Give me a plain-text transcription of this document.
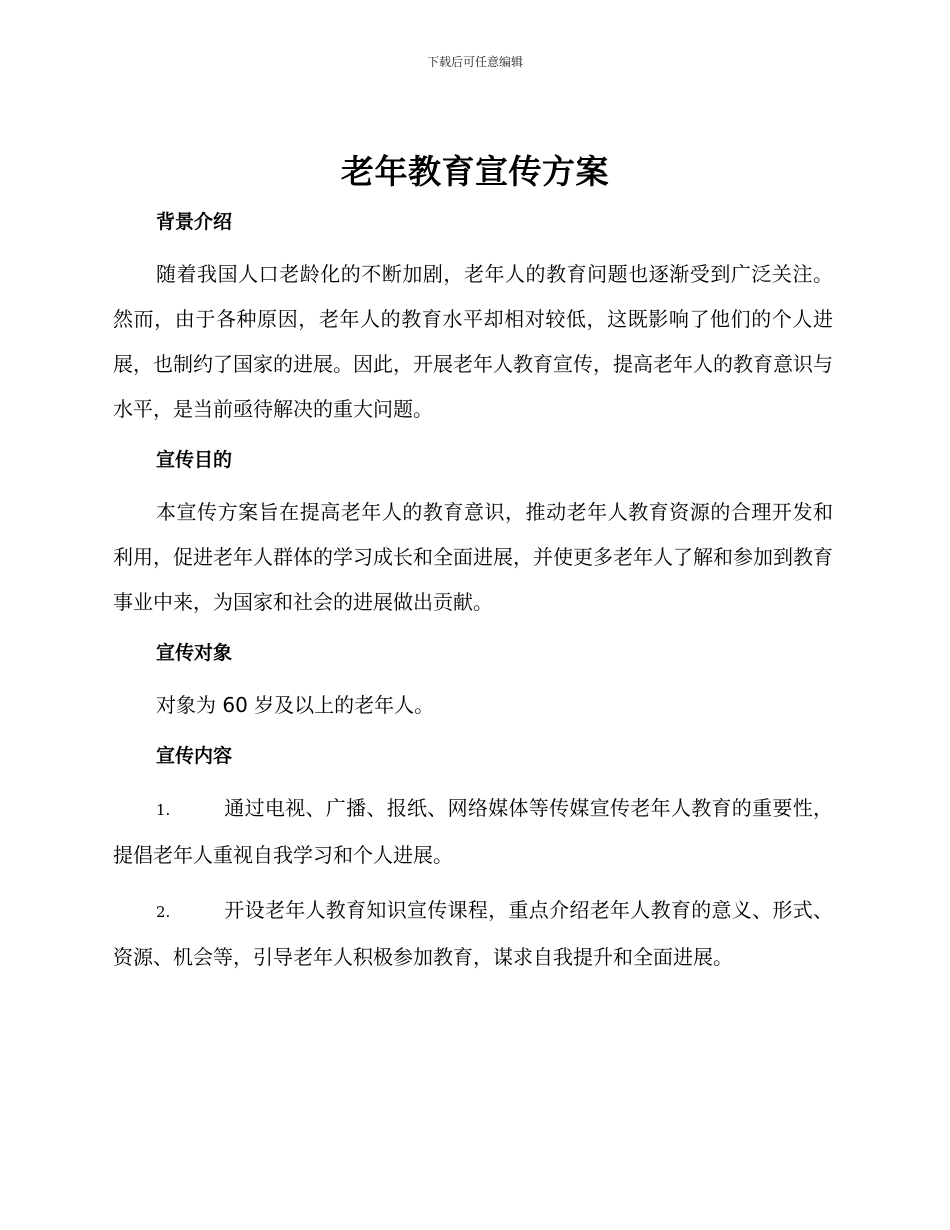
下载后可任意编辑
老年教育宣传方案

背景介绍

随着我国人口老龄化的不断加剧，老年人的教育问题也逐渐受到广泛关注。然而，由于各种原因，老年人的教育水平却相对较低，这既影响了他们的个人进展，也制约了国家的进展。因此，开展老年人教育宣传，提高老年人的教育意识与水平，是当前亟待解决的重大问题。

宣传目的

本宣传方案旨在提高老年人的教育意识，推动老年人教育资源的合理开发和利用，促进老年人群体的学习成长和全面进展，并使更多老年人了解和参加到教育事业中来，为国家和社会的进展做出贡献。

宣传对象

对象为 60 岁及以上的老年人。

宣传内容

1.	通过电视、广播、报纸、网络媒体等传媒宣传老年人教育的重要性，提倡老年人重视自我学习和个人进展。

2.	开设老年人教育知识宣传课程，重点介绍老年人教育的意义、形式、资源、机会等，引导老年人积极参加教育，谋求自我提升和全面进展。
